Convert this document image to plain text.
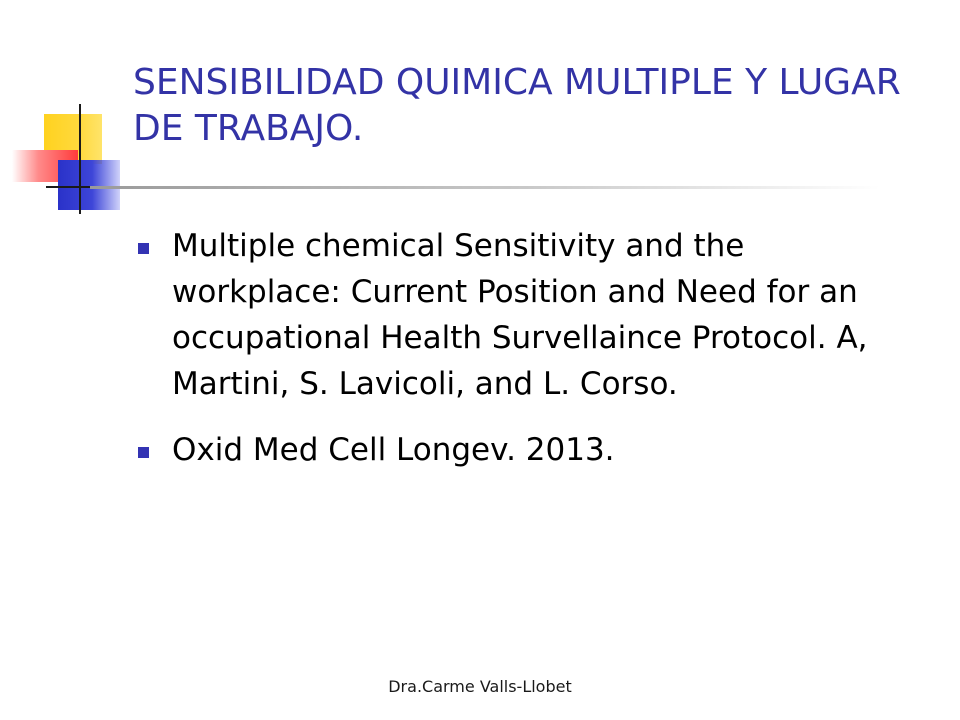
SENSIBILIDAD QUIMICA MULTIPLE Y LUGAR DE TRABAJO.
Multiple chemical Sensitivity and the workplace: Current Position and Need for an occupational Health Survellaince Protocol. A, Martini, S. Lavicoli, and L. Corso.
Oxid Med Cell Longev. 2013.
Dra.Carme Valls-Llobet
